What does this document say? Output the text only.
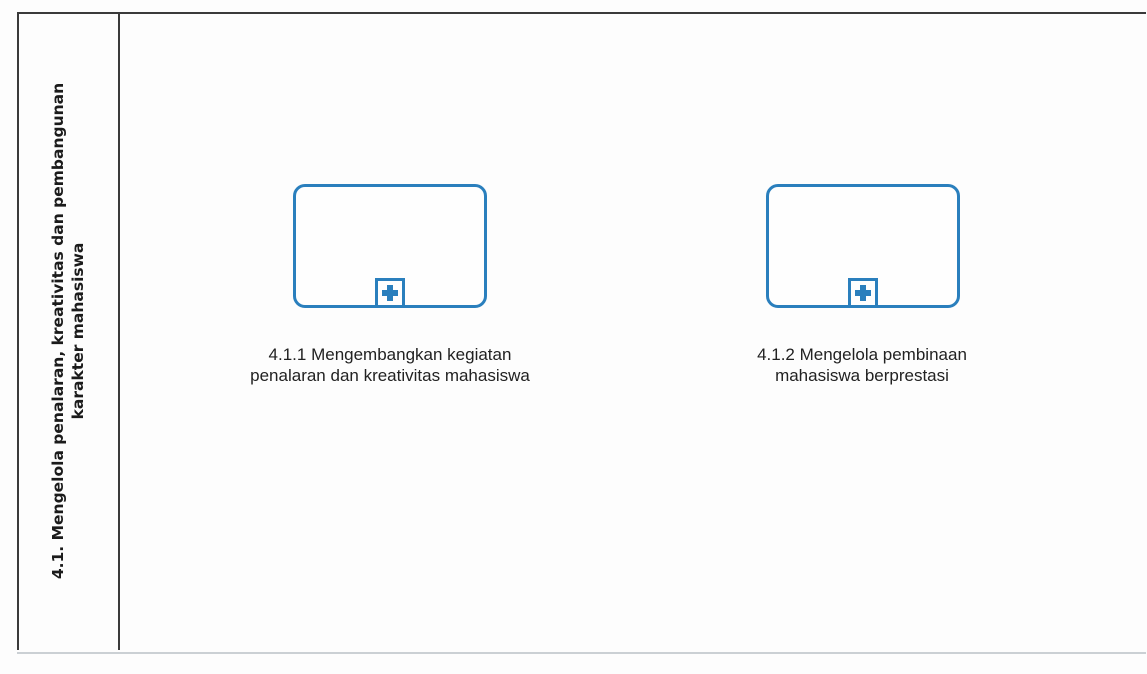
4.1. Mengelola penalaran, kreativitas dan pembangunan karakter mahasiswa	4.1.1 Mengembangkan kegiatan
penalaran dan kreativitas mahasiswa
4.1.2 Mengelola pembinaan
mahasiswa berprestasi
